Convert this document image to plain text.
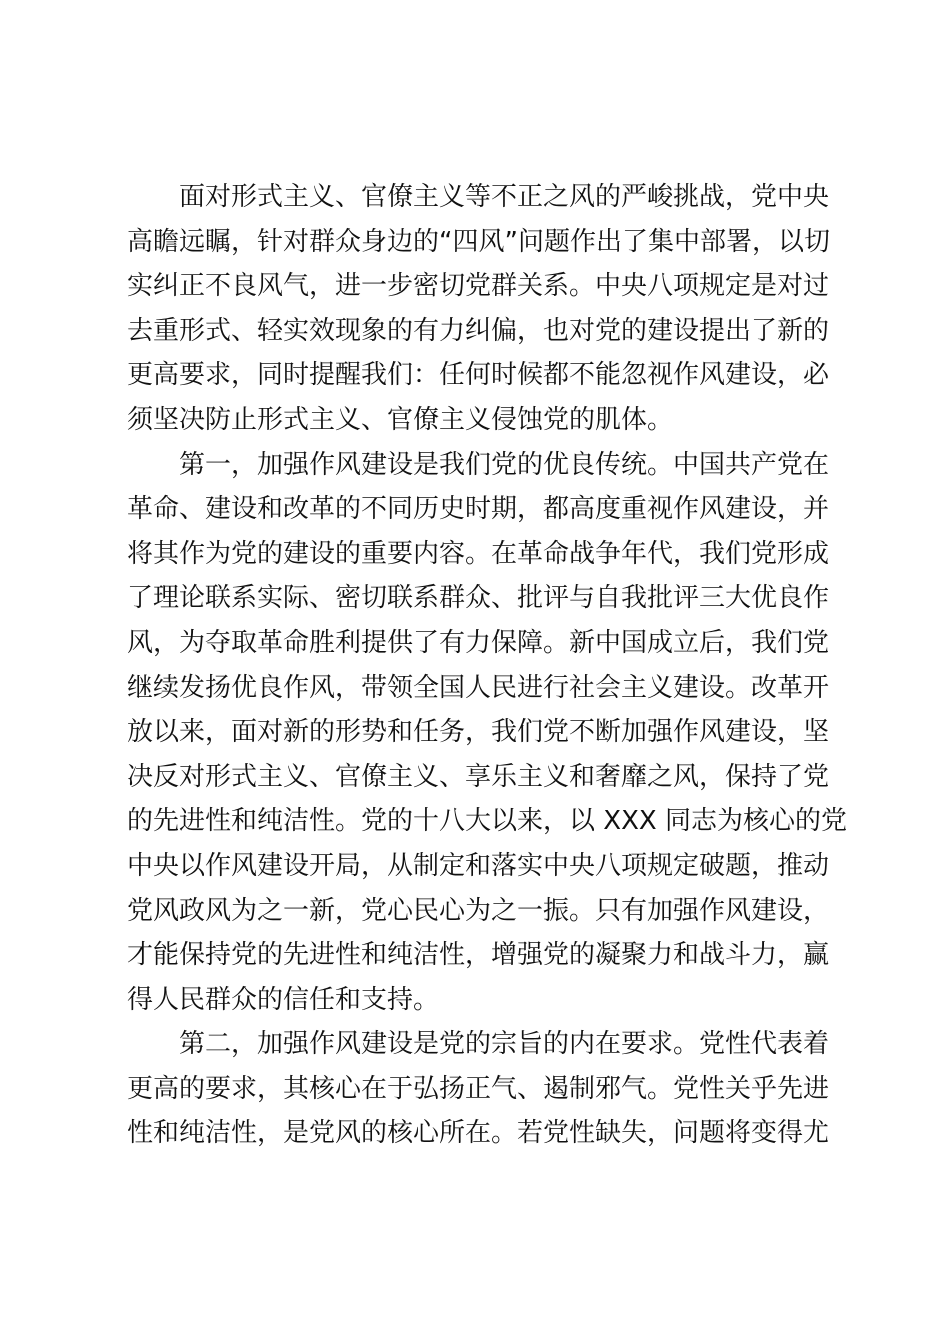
面对形式主义、官僚主义等不正之风的严峻挑战，党中央
高瞻远瞩，针对群众身边的“四风”问题作出了集中部署，以切
实纠正不良风气，进一步密切党群关系。中央八项规定是对过
去重形式、轻实效现象的有力纠偏，也对党的建设提出了新的
更高要求，同时提醒我们：任何时候都不能忽视作风建设，必
须坚决防止形式主义、官僚主义侵蚀党的肌体。
第一，加强作风建设是我们党的优良传统。中国共产党在
革命、建设和改革的不同历史时期，都高度重视作风建设，并
将其作为党的建设的重要内容。在革命战争年代，我们党形成
了理论联系实际、密切联系群众、批评与自我批评三大优良作
风，为夺取革命胜利提供了有力保障。新中国成立后，我们党
继续发扬优良作风，带领全国人民进行社会主义建设。改革开
放以来，面对新的形势和任务，我们党不断加强作风建设，坚
决反对形式主义、官僚主义、享乐主义和奢靡之风，保持了党
的先进性和纯洁性。党的十八大以来，以 XXX 同志为核心的党
中央以作风建设开局，从制定和落实中央八项规定破题，推动
党风政风为之一新，党心民心为之一振。只有加强作风建设，
才能保持党的先进性和纯洁性，增强党的凝聚力和战斗力，赢
得人民群众的信任和支持。
第二，加强作风建设是党的宗旨的内在要求。党性代表着
更高的要求，其核心在于弘扬正气、遏制邪气。党性关乎先进
性和纯洁性，是党风的核心所在。若党性缺失，问题将变得尤
